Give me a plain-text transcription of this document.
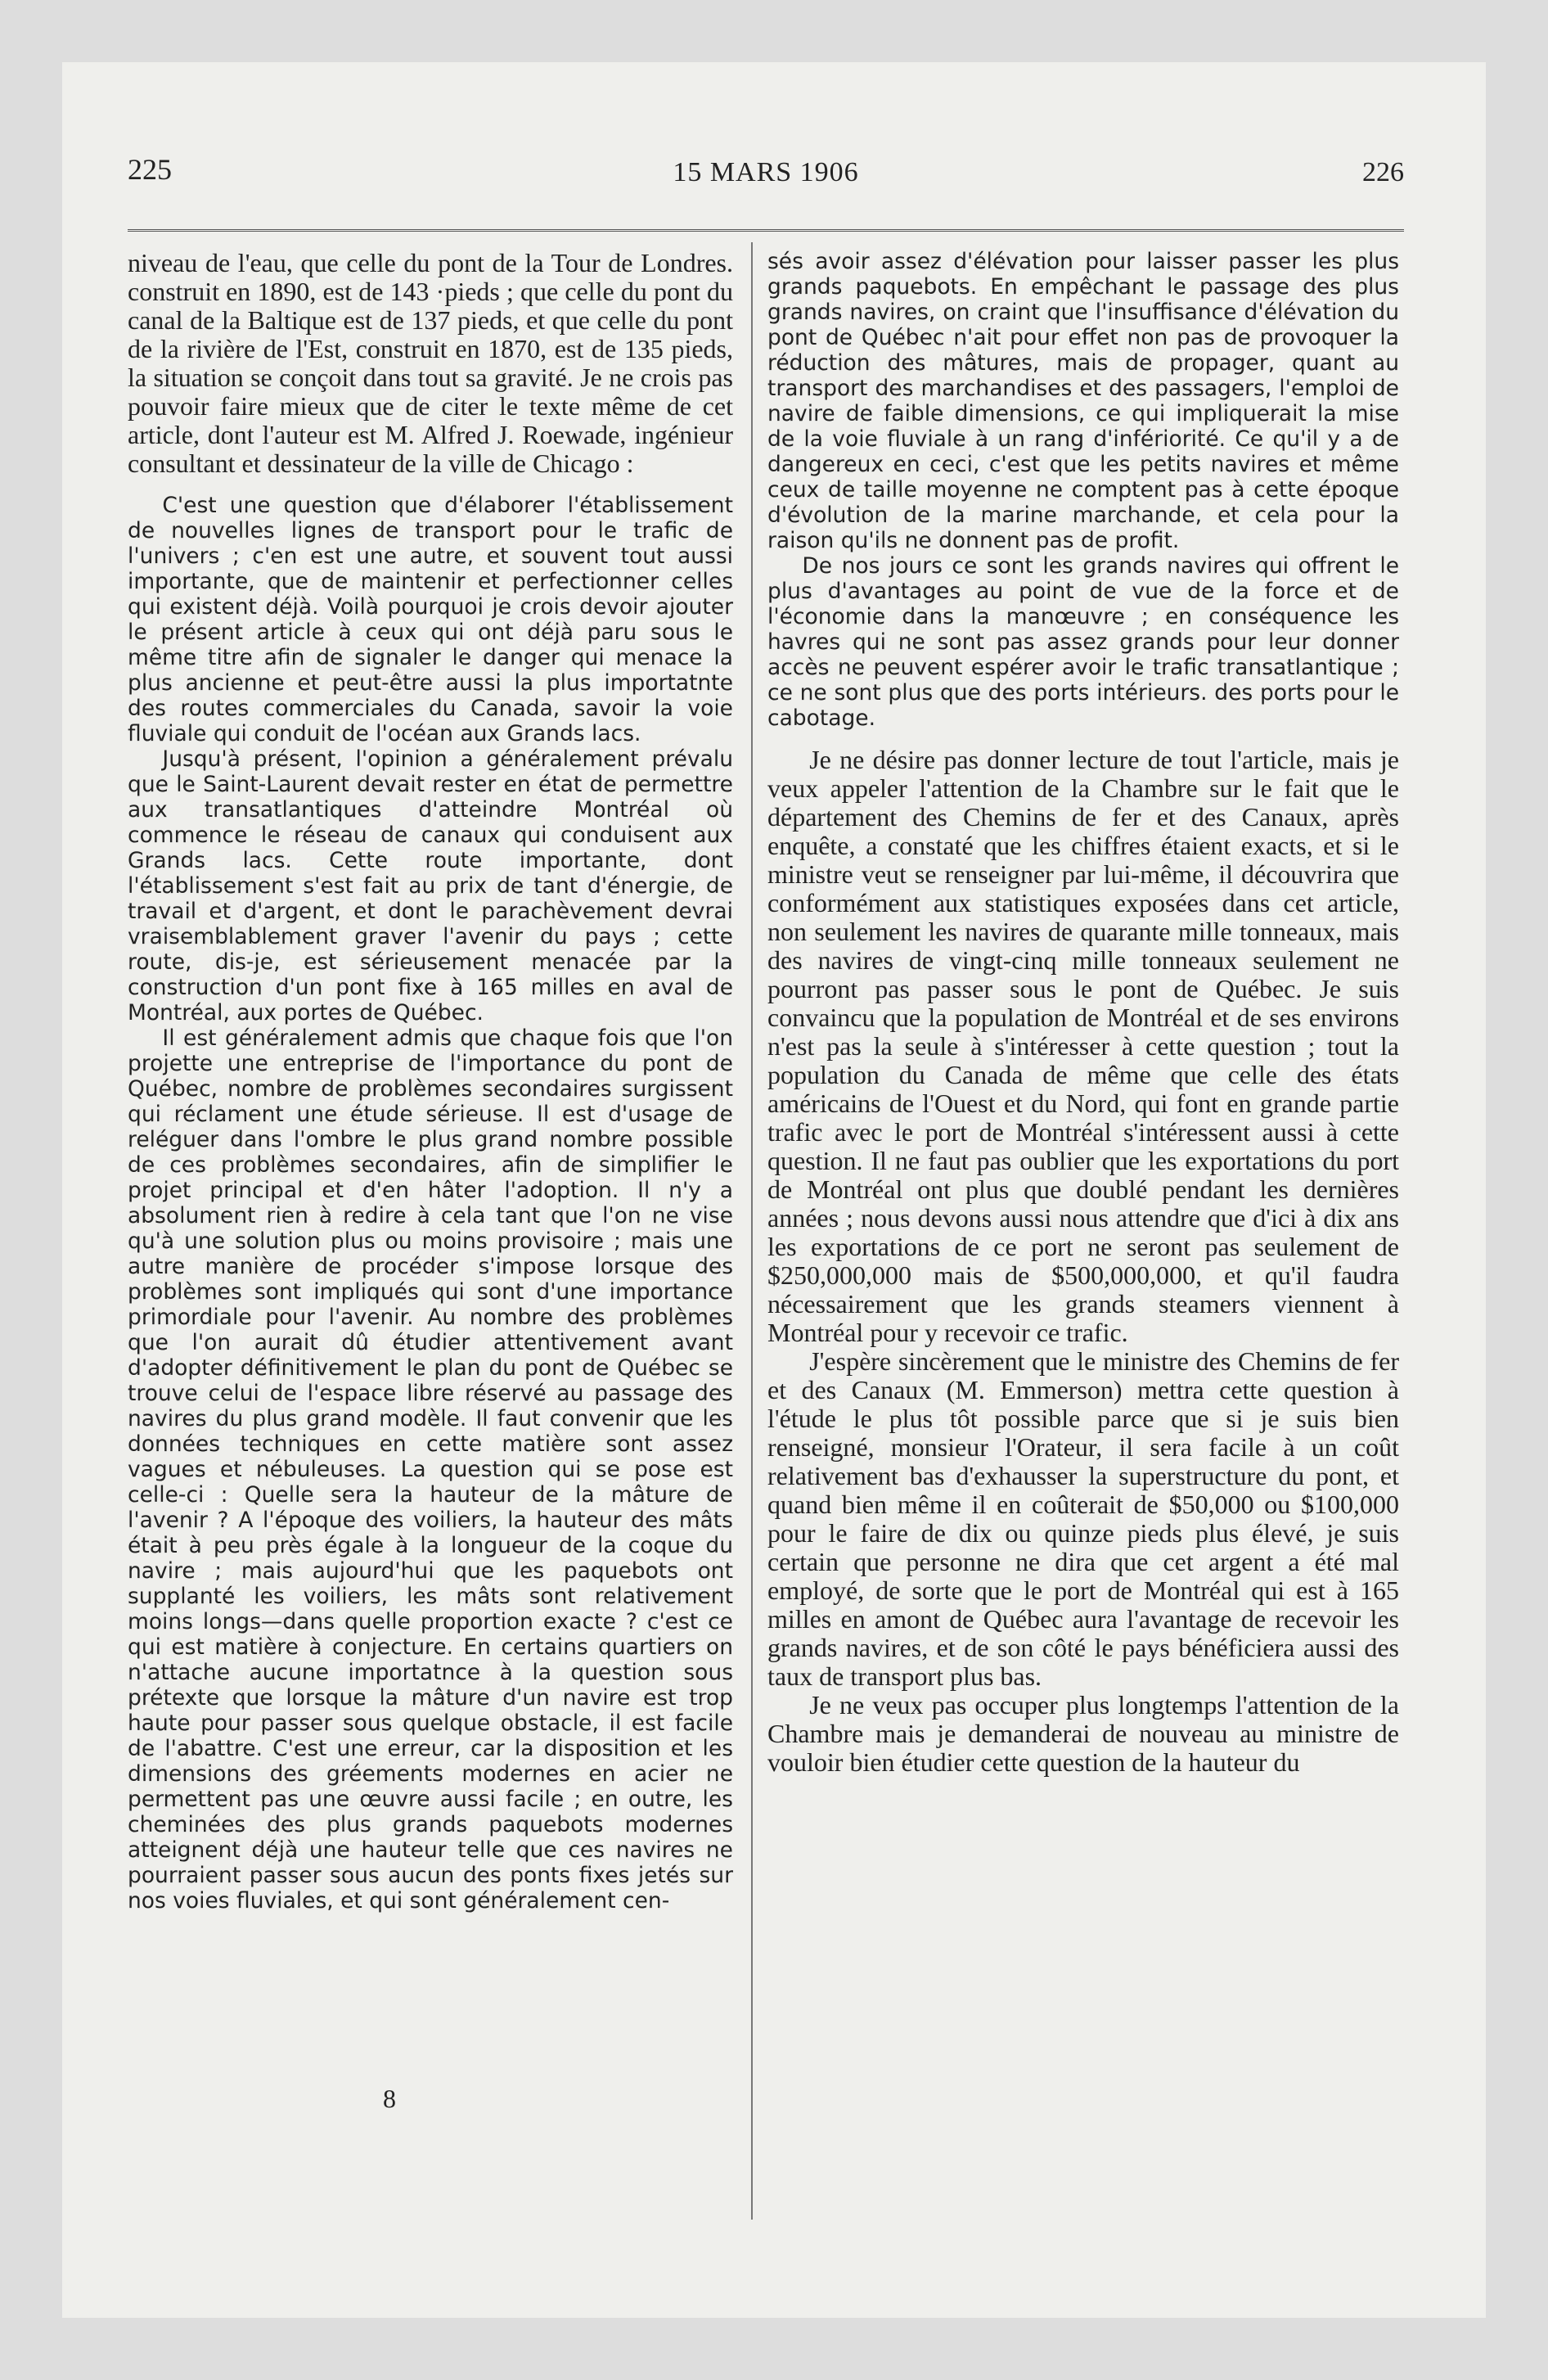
225	15 MARS 1906	226

niveau de l'eau, que celle du pont de la Tour de Londres. construit en 1890, est de 143 ·pieds ; que celle du pont du canal de la Baltique est de 137 pieds, et que celle du pont de la rivière de l'Est, construit en 1870, est de 135 pieds, la situation se conçoit dans tout sa gravité. Je ne crois pas pouvoir faire mieux que de citer le texte même de cet article, dont l'auteur est M. Alfred J. Roewade, ingénieur consultant et dessinateur de la ville de Chicago :

C'est une question que d'élaborer l'établissement de nouvelles lignes de transport pour le trafic de l'univers ; c'en est une autre, et souvent tout aussi importante, que de maintenir et perfectionner celles qui existent déjà. Voilà pourquoi je crois devoir ajouter le présent article à ceux qui ont déjà paru sous le même titre afin de signaler le danger qui menace la plus ancienne et peut-être aussi la plus importatnte des routes commerciales du Canada, savoir la voie fluviale qui conduit de l'océan aux Grands lacs.

Jusqu'à présent, l'opinion a généralement prévalu que le Saint-Laurent devait rester en état de permettre aux transatlantiques d'atteindre Montréal où commence le réseau de canaux qui conduisent aux Grands lacs. Cette route importante, dont l'établissement s'est fait au prix de tant d'énergie, de travail et d'argent, et dont le parachèvement devrai vraisemblablement graver l'avenir du pays ; cette route, dis-je, est sérieusement menacée par la construction d'un pont fixe à 165 milles en aval de Montréal, aux portes de Québec.

Il est généralement admis que chaque fois que l'on projette une entreprise de l'importance du pont de Québec, nombre de problèmes secondaires surgissent qui réclament une étude sérieuse. Il est d'usage de reléguer dans l'ombre le plus grand nombre possible de ces problèmes secondaires, afin de simplifier le projet principal et d'en hâter l'adoption. Il n'y a absolument rien à redire à cela tant que l'on ne vise qu'à une solution plus ou moins provisoire ; mais une autre manière de procéder s'impose lorsque des problèmes sont impliqués qui sont d'une importance primordiale pour l'avenir. Au nombre des problèmes que l'on aurait dû étudier attentivement avant d'adopter définitivement le plan du pont de Québec se trouve celui de l'espace libre réservé au passage des navires du plus grand modèle. Il faut convenir que les données techniques en cette matière sont assez vagues et nébuleuses. La question qui se pose est celle-ci : Quelle sera la hauteur de la mâture de l'avenir ? A l'époque des voiliers, la hauteur des mâts était à peu près égale à la longueur de la coque du navire ; mais aujourd'hui que les paquebots ont supplanté les voiliers, les mâts sont relativement moins longs—dans quelle proportion exacte ? c'est ce qui est matière à conjecture. En certains quartiers on n'attache aucune importatnce à la question sous prétexte que lorsque la mâture d'un navire est trop haute pour passer sous quelque obstacle, il est facile de l'abattre. C'est une erreur, car la disposition et les dimensions des gréements modernes en acier ne permettent pas une œuvre aussi facile ; en outre, les cheminées des plus grands paquebots modernes atteignent déjà une hauteur telle que ces navires ne pourraient passer sous aucun des ponts fixes jetés sur nos voies fluviales, et qui sont généralement cen-

sés avoir assez d'élévation pour laisser passer les plus grands paquebots. En empêchant le passage des plus grands navires, on craint que l'insuffisance d'élévation du pont de Québec n'ait pour effet non pas de provoquer la réduction des mâtures, mais de propager, quant au transport des marchandises et des passagers, l'emploi de navire de faible dimensions, ce qui impliquerait la mise de la voie fluviale à un rang d'infériorité. Ce qu'il y a de dangereux en ceci, c'est que les petits navires et même ceux de taille moyenne ne comptent pas à cette époque d'évolution de la marine marchande, et cela pour la raison qu'ils ne donnent pas de profit.

De nos jours ce sont les grands navires qui offrent le plus d'avantages au point de vue de la force et de l'économie dans la manœuvre ; en conséquence les havres qui ne sont pas assez grands pour leur donner accès ne peuvent espérer avoir le trafic transatlantique ; ce ne sont plus que des ports intérieurs. des ports pour le cabotage.

Je ne désire pas donner lecture de tout l'article, mais je veux appeler l'attention de la Chambre sur le fait que le département des Chemins de fer et des Canaux, après enquête, a constaté que les chiffres étaient exacts, et si le ministre veut se renseigner par lui-même, il découvrira que conformément aux statistiques exposées dans cet article, non seulement les navires de quarante mille tonneaux, mais des navires de vingt-cinq mille tonneaux seulement ne pourront pas passer sous le pont de Québec. Je suis convaincu que la population de Montréal et de ses environs n'est pas la seule à s'intéresser à cette question ; tout la population du Canada de même que celle des états américains de l'Ouest et du Nord, qui font en grande partie trafic avec le port de Montréal s'intéressent aussi à cette question. Il ne faut pas oublier que les exportations du port de Montréal ont plus que doublé pendant les dernières années ; nous devons aussi nous attendre que d'ici à dix ans les exportations de ce port ne seront pas seulement de $250,000,000 mais de $500,000,000, et qu'il faudra nécessairement que les grands steamers viennent à Montréal pour y recevoir ce trafic.

J'espère sincèrement que le ministre des Chemins de fer et des Canaux (M. Emmerson) mettra cette question à l'étude le plus tôt possible parce que si je suis bien renseigné, monsieur l'Orateur, il sera facile à un coût relativement bas d'exhausser la superstructure du pont, et quand bien même il en coûterait de $50,000 ou $100,000 pour le faire de dix ou quinze pieds plus élevé, je suis certain que personne ne dira que cet argent a été mal employé, de sorte que le port de Montréal qui est à 165 milles en amont de Québec aura l'avantage de recevoir les grands navires, et de son côté le pays bénéficiera aussi des taux de transport plus bas.

Je ne veux pas occuper plus longtemps l'attention de la Chambre mais je demanderai de nouveau au ministre de vouloir bien étudier cette question de la hauteur du

8
